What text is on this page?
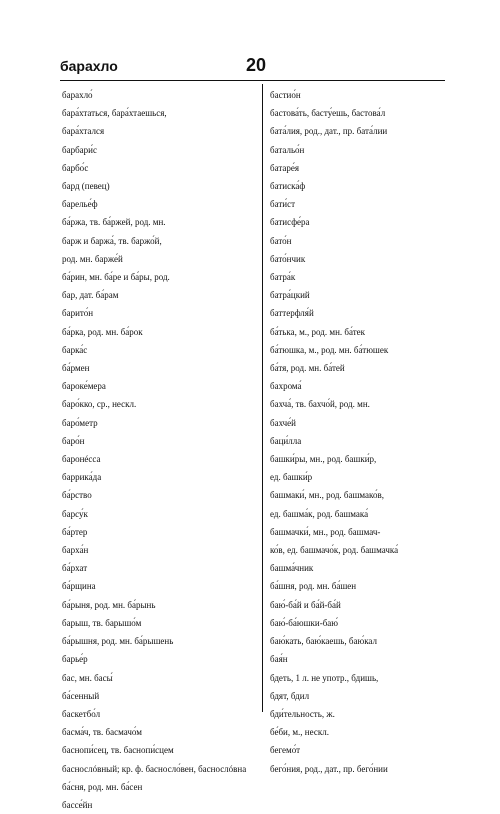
барахло	20

барахло́

бара́хтаться, бара́хтаешься,

бара́хтался

барбари́с

барбо́с

бард (певец)

барелье́ф

ба́ржа, тв. ба́ржей, род. мн.

барж и баржа́, тв. баржо́й,

род. мн. барже́й

ба́рин, мн. ба́ре и ба́ры, род.

бар, дат. ба́рам

барито́н

ба́рка, род. мн. ба́рок

барка́с

ба́рмен

бароке́мера

баро́кко, ср., нескл.

баро́метр

баро́н

баронéсса

баррика́да

ба́рство

барсу́к

ба́ртер

барха́н

ба́рхат

ба́рщина

ба́рыня, род. мн. ба́рынь

барыш, тв. барышо́м

ба́рышня, род. мн. ба́рышень

барье́р

бас, мн. басы́

ба́сенный

баскетбо́л

басма́ч, тв. басмачо́м

баснопи́сец, тв. баснопи́сцем

баснослóвный; кр. ф. басносло́вен, баснослóвна

ба́сня, род. мн. ба́сен

бассе́йн

бастио́н

бастова́ть, басту́ешь, бастова́л

бата́лия, род., дат., пр. бата́лии

батальо́н

батаре́я

батиска́ф

бати́ст

батисфе́ра

бато́н

бато́нчик

батра́к

батра́цкий

баттерфля́й

ба́тька, м., род. мн. ба́тек

ба́тюшка, м., род. мн. ба́тюшек

ба́тя, род. мн. ба́тей

бахрома́

бахча́, тв. бахчо́й, род. мн.

бахче́й

баци́лла

башки́ры, мн., род. башки́р,

ед. башки́р

башмаки́, мн., род. башмако́в,

ед. башма́к, род. башмака́

башмачки́, мн., род. башмач-

ко́в, ед. башмачо́к, род. башмачка́

башма́чник

ба́шня, род. мн. ба́шен

баю́-ба́й и ба́й-ба́й

баю́-ба́юшки-баю́

баю́кать, баю́каешь, баю́кал

бая́н

бдеть, 1 л. не употр., бдишь,

бдят, бдил

бди́тельность, ж.

бе́би, м., нескл.

бегемо́т

бего́ния, род., дат., пр. бего́нии
